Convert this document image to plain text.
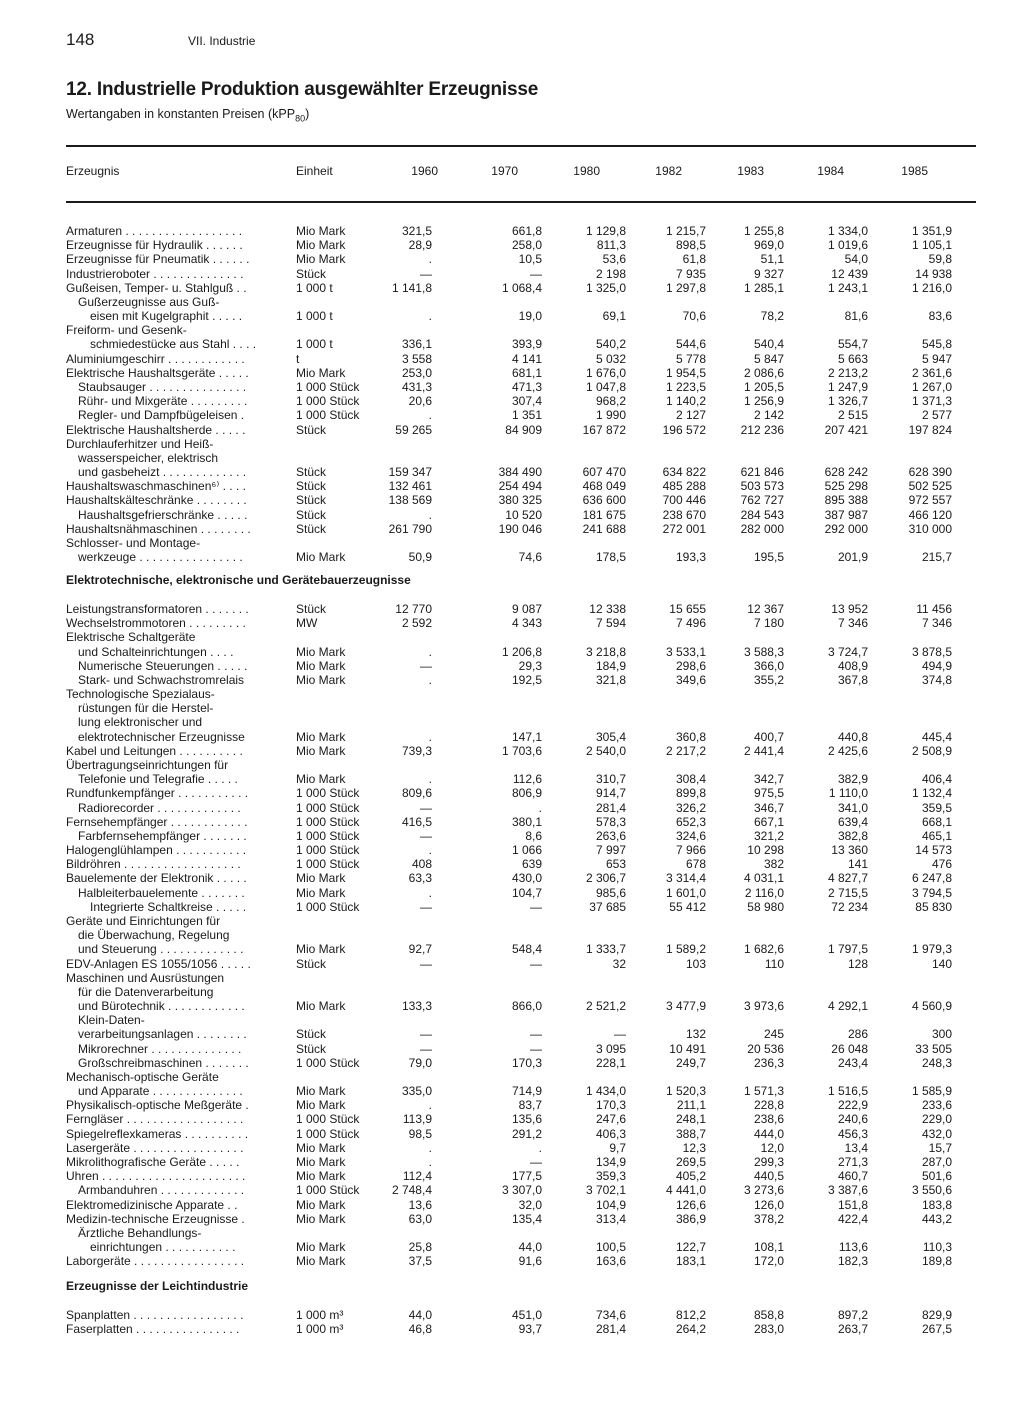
148	VII. Industrie
12. Industrielle Produktion ausgewählter Erzeugnisse
Wertangaben in konstanten Preisen (kPP$_{80}$)
Erzeugnis	Einheit	1960	1970	1980	1982	1983	1984	1985
Armaturen . . . . . . . . . . . . . . . . . .	Mio Mark	321,5	661,8	1 129,8	1 215,7	1 255,8	1 334,0	1 351,9
Erzeugnisse für Hydraulik . . . . . .	Mio Mark	28,9	258,0	811,3	898,5	969,0	1 019,6	1 105,1
Erzeugnisse für Pneumatik . . . . . .	Mio Mark	.	10,5	53,6	61,8	51,1	54,0	59,8
Industrieroboter . . . . . . . . . . . . . .	Stück	—	—	2 198	7 935	9 327	12 439	14 938
Gußeisen, Temper- u. Stahlguß . .	1 000 t	1 141,8	1 068,4	1 325,0	1 297,8	1 285,1	1 243,1	1 216,0
Gußerzeugnisse aus Guß-
eisen mit Kugelgraphit . . . . .	1 000 t	.	19,0	69,1	70,6	78,2	81,6	83,6
Freiform- und Gesenk-
schmiedestücke aus Stahl . . . .	1 000 t	336,1	393,9	540,2	544,6	540,4	554,7	545,8
Aluminiumgeschirr . . . . . . . . . . . .	t	3 558	4 141	5 032	5 778	5 847	5 663	5 947
Elektrische Haushaltsgeräte . . . . .	Mio Mark	253,0	681,1	1 676,0	1 954,5	2 086,6	2 213,2	2 361,6
Staubsauger . . . . . . . . . . . . . . .	1 000 Stück	431,3	471,3	1 047,8	1 223,5	1 205,5	1 247,9	1 267,0
Rühr- und Mixgeräte . . . . . . . . .	1 000 Stück	20,6	307,4	968,2	1 140,2	1 256,9	1 326,7	1 371,3
Regler- und Dampfbügeleisen .	1 000 Stück	.	1 351	1 990	2 127	2 142	2 515	2 577
Elektrische Haushaltsherde . . . . .	Stück	59 265	84 909	167 872	196 572	212 236	207 421	197 824
Durchlauferhitzer und Heiß-
wasserspeicher, elektrisch
und gasbeheizt . . . . . . . . . . . . .	Stück	159 347	384 490	607 470	634 822	621 846	628 242	628 390
Haushaltswaschmaschinen⁶⁾ . . . .	Stück	132 461	254 494	468 049	485 288	503 573	525 298	502 525
Haushaltskälteschränke . . . . . . . .	Stück	138 569	380 325	636 600	700 446	762 727	895 388	972 557
Haushaltsgefrierschränke . . . . .	Stück	.	10 520	181 675	238 670	284 543	387 987	466 120
Haushaltsnähmaschinen . . . . . . . .	Stück	261 790	190 046	241 688	272 001	282 000	292 000	310 000
Schlosser- und Montage-
werkzeuge . . . . . . . . . . . . . . . .	Mio Mark	50,9	74,6	178,5	193,3	195,5	201,9	215,7
Elektrotechnische, elektronische und Gerätebauerzeugnisse
Leistungstransformatoren . . . . . . .	Stück	12 770	9 087	12 338	15 655	12 367	13 952	11 456
Wechselstrommotoren . . . . . . . . .	MW	2 592	4 343	7 594	7 496	7 180	7 346	7 346
Elektrische Schaltgeräte
und Schalteinrichtungen . . . .	Mio Mark	.	1 206,8	3 218,8	3 533,1	3 588,3	3 724,7	3 878,5
Numerische Steuerungen . . . . .	Mio Mark	—	29,3	184,9	298,6	366,0	408,9	494,9
Stark- und Schwachstromrelais	Mio Mark	.	192,5	321,8	349,6	355,2	367,8	374,8
Technologische Spezialaus-
rüstungen für die Herstel-
lung elektronischer und
elektrotechnischer Erzeugnisse	Mio Mark	.	147,1	305,4	360,8	400,7	440,8	445,4
Kabel und Leitungen . . . . . . . . . .	Mio Mark	739,3	1 703,6	2 540,0	2 217,2	2 441,4	2 425,6	2 508,9
Übertragungseinrichtungen für
Telefonie und Telegrafie . . . . .	Mio Mark	.	112,6	310,7	308,4	342,7	382,9	406,4
Rundfunkempfänger . . . . . . . . . . .	1 000 Stück	809,6	806,9	914,7	899,8	975,5	1 110,0	1 132,4
Radiorecorder . . . . . . . . . . . . .	1 000 Stück	—	.	281,4	326,2	346,7	341,0	359,5
Fernsehempfänger . . . . . . . . . . . .	1 000 Stück	416,5	380,1	578,3	652,3	667,1	639,4	668,1
Farbfernsehempfänger . . . . . . .	1 000 Stück	—	8,6	263,6	324,6	321,2	382,8	465,1
Halogenglühlampen . . . . . . . . . . .	1 000 Stück	.	1 066	7 997	7 966	10 298	13 360	14 573
Bildröhren . . . . . . . . . . . . . . . . . .	1 000 Stück	408	639	653	678	382	141	476
Bauelemente der Elektronik . . . . .	Mio Mark	63,3	430,0	2 306,7	3 314,4	4 031,1	4 827,7	6 247,8
Halbleiterbauelemente . . . . . . .	Mio Mark	.	104,7	985,6	1 601,0	2 116,0	2 715,5	3 794,5
Integrierte Schaltkreise . . . . .	1 000 Stück	—	—	37 685	55 412	58 980	72 234	85 830
Geräte und Einrichtungen für
die Überwachung, Regelung
und Steuerung . . . . . . . . . . . . .	Mio Mark	92,7	548,4	1 333,7	1 589,2	1 682,6	1 797,5	1 979,3
EDV-Anlagen ES 1055/1056 . . . . .	Stück	—	—	32	103	110	128	140
Maschinen und Ausrüstungen
für die Datenverarbeitung
und Bürotechnik . . . . . . . . . . . .	Mio Mark	133,3	866,0	2 521,2	3 477,9	3 973,6	4 292,1	4 560,9
Klein-Daten-
verarbeitungsanlagen . . . . . . . .	Stück	—	—	—	132	245	286	300
Mikrorechner . . . . . . . . . . . . . .	Stück	—	—	3 095	10 491	20 536	26 048	33 505
Großschreibmaschinen . . . . . . .	1 000 Stück	79,0	170,3	228,1	249,7	236,3	243,4	248,3
Mechanisch-optische Geräte
und Apparate . . . . . . . . . . . . . .	Mio Mark	335,0	714,9	1 434,0	1 520,3	1 571,3	1 516,5	1 585,9
Physikalisch-optische Meßgeräte .	Mio Mark	.	83,7	170,3	211,1	228,8	222,9	233,6
Ferngläser . . . . . . . . . . . . . . . . . .	1 000 Stück	113,9	135,6	247,6	248,1	238,6	240,6	229,0
Spiegelreflexkameras . . . . . . . . . .	1 000 Stück	98,5	291,2	406,3	388,7	444,0	456,3	432,0
Lasergeräte . . . . . . . . . . . . . . . . .	Mio Mark	.	.	9,7	12,3	12,0	13,4	15,7
Mikrolithografische Geräte . . . . .	Mio Mark	.	—	134,9	269,5	299,3	271,3	287,0
Uhren . . . . . . . . . . . . . . . . . . . . . .	Mio Mark	112,4	177,5	359,3	405,2	440,5	460,7	501,6
Armbanduhren . . . . . . . . . . . . .	1 000 Stück	2 748,4	3 307,0	3 702,1	4 441,0	3 273,6	3 387,6	3 550,6
Elektromedizinische Apparate . .	Mio Mark	13,6	32,0	104,9	126,6	126,0	151,8	183,8
Medizin-technische Erzeugnisse .	Mio Mark	63,0	135,4	313,4	386,9	378,2	422,4	443,2
Ärztliche Behandlungs-
einrichtungen . . . . . . . . . . .	Mio Mark	25,8	44,0	100,5	122,7	108,1	113,6	110,3
Laborgeräte . . . . . . . . . . . . . . . . .	Mio Mark	37,5	91,6	163,6	183,1	172,0	182,3	189,8
Erzeugnisse der Leichtindustrie
Spanplatten . . . . . . . . . . . . . . . . .	1 000 m³	44,0	451,0	734,6	812,2	858,8	897,2	829,9
Faserplatten . . . . . . . . . . . . . . . .	1 000 m³	46,8	93,7	281,4	264,2	283,0	263,7	267,5
